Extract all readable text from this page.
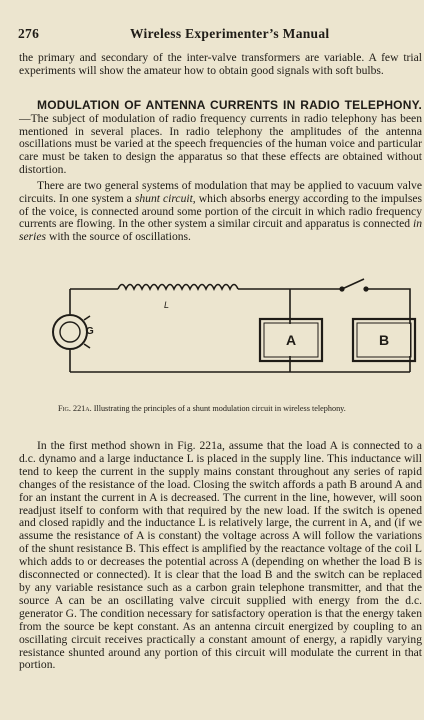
276	Wireless Experimenter’s Manual

the primary and secondary of the inter-valve transformers are variable. A few trial experiments will show the amateur how to obtain good signals with soft bulbs.

MODULATION OF ANTENNA CURRENTS IN RADIO TELEPHONY.—The subject of modulation of radio frequency currents in radio telephony has been mentioned in several places. In radio telephony the amplitudes of the antenna oscillations must be varied at the speech frequencies of the human voice and particular care must be taken to design the apparatus so that these effects are obtained without distortion.

There are two general systems of modulation that may be applied to vacuum valve circuits. In one system a shunt circuit, which absorbs energy according to the impulses of the voice, is connected around some portion of the circuit in which radio frequency currents are flowing. In the other system a similar circuit and apparatus is connected in series with the source of oscillations.

L
G
A	B
Fig. 221a. Illustrating the principles of a shunt modulation circuit in wireless telephony.

In the first method shown in Fig. 221a, assume that the load A is connected to a d.c. dynamo and a large inductance L is placed in the supply line. This inductance will tend to keep the current in the supply mains constant throughout any series of rapid changes of the resistance of the load. Closing the switch affords a path B around A and for an instant the current in A is decreased. The current in the line, however, will soon readjust itself to conform with that required by the new load. If the switch is opened and closed rapidly and the inductance L is relatively large, the current in A, and (if we assume the resistance of A is constant) the voltage across A will follow the variations of the shunt resistance B. This effect is amplified by the reactance voltage of the coil L which adds to or decreases the potential across A (depending on whether the load B is disconnected or connected). It is clear that the load B and the switch can be replaced by any variable resistance such as a carbon grain telephone transmitter, and that the source A can be an oscillating valve circuit supplied with energy from the d.c. generator G. The condition necessary for satisfactory operation is that the energy taken from the source be kept constant. As an antenna circuit energized by coupling to an oscillating circuit receives practically a constant amount of energy, a rapidly varying resistance shunted around any portion of this circuit will modulate the current in that portion.
